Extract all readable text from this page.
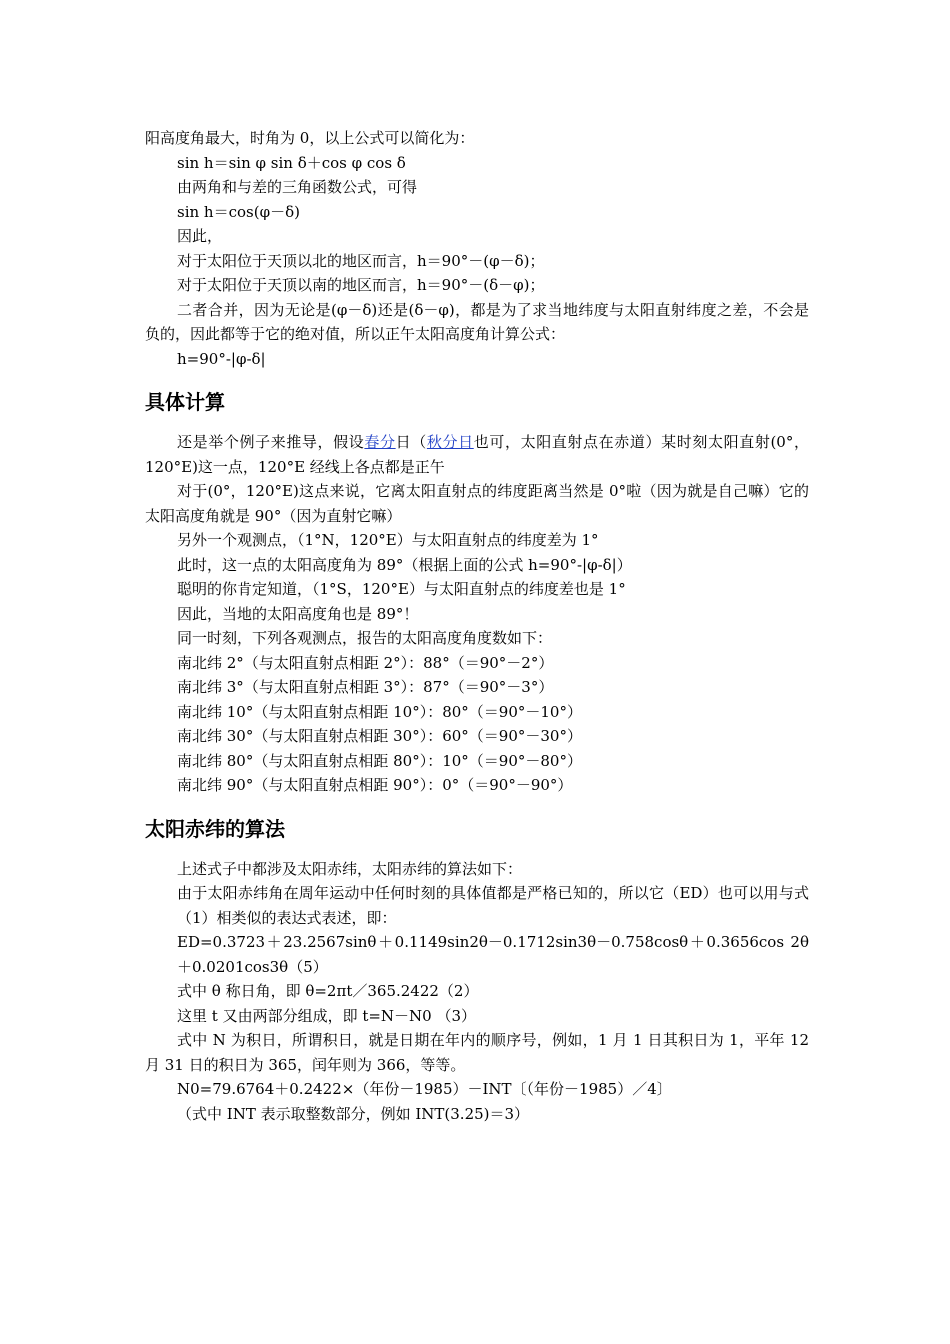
阳高度角最大，时角为 0，以上公式可以简化为：

sin h＝sin φ sin δ＋cos φ cos δ

由两角和与差的三角函数公式，可得

sin h＝cos(φ－δ)

因此，

对于太阳位于天顶以北的地区而言，h＝90°－(φ－δ)；

对于太阳位于天顶以南的地区而言，h＝90°－(δ－φ)；

二者合并，因为无论是(φ－δ)还是(δ－φ)，都是为了求当地纬度与太阳直射纬度之差，不会是负的，因此都等于它的绝对值，所以正午太阳高度角计算公式：

h=90°-|φ-δ|

具体计算

还是举个例子来推导，假设春分日（秋分日也可，太阳直射点在赤道）某时刻太阳直射(0°，120°E)这一点，120°E 经线上各点都是正午

对于(0°，120°E)这点来说，它离太阳直射点的纬度距离当然是 0°啦（因为就是自己嘛）它的太阳高度角就是 90°（因为直射它嘛）

另外一个观测点，（1°N，120°E）与太阳直射点的纬度差为 1°

此时，这一点的太阳高度角为 89°（根据上面的公式 h=90°-|φ-δ|）

聪明的你肯定知道，（1°S，120°E）与太阳直射点的纬度差也是 1°

因此，当地的太阳高度角也是 89°！

同一时刻，下列各观测点，报告的太阳高度角度数如下：

南北纬 2°（与太阳直射点相距 2°）：88°（＝90°－2°）

南北纬 3°（与太阳直射点相距 3°）：87°（＝90°－3°）

南北纬 10°（与太阳直射点相距 10°）：80°（＝90°－10°）

南北纬 30°（与太阳直射点相距 30°）：60°（＝90°－30°）

南北纬 80°（与太阳直射点相距 80°）：10°（＝90°－80°）

南北纬 90°（与太阳直射点相距 90°）：0°（＝90°－90°）

太阳赤纬的算法

上述式子中都涉及太阳赤纬，太阳赤纬的算法如下：

由于太阳赤纬角在周年运动中任何时刻的具体值都是严格已知的，所以它（ED）也可以用与式（1）相类似的表达式表述，即：

ED=0.3723＋23.2567sinθ＋0.1149sin2θ－0.1712sin3θ－0.758cosθ＋0.3656cos 2θ＋0.0201cos3θ（5）

式中 θ 称日角，即 θ=2πt／365.2422（2）

这里 t 又由两部分组成，即 t=N－N0 （3）

式中 N 为积日，所谓积日，就是日期在年内的顺序号，例如，1 月 1 日其积日为 1，平年 12 月 31 日的积日为 365，闰年则为 366，等等。

N0=79.6764＋0.2422×（年份－1985）－INT〔（年份－1985）／4〕

（式中 INT 表示取整数部分，例如 INT(3.25)＝3）
